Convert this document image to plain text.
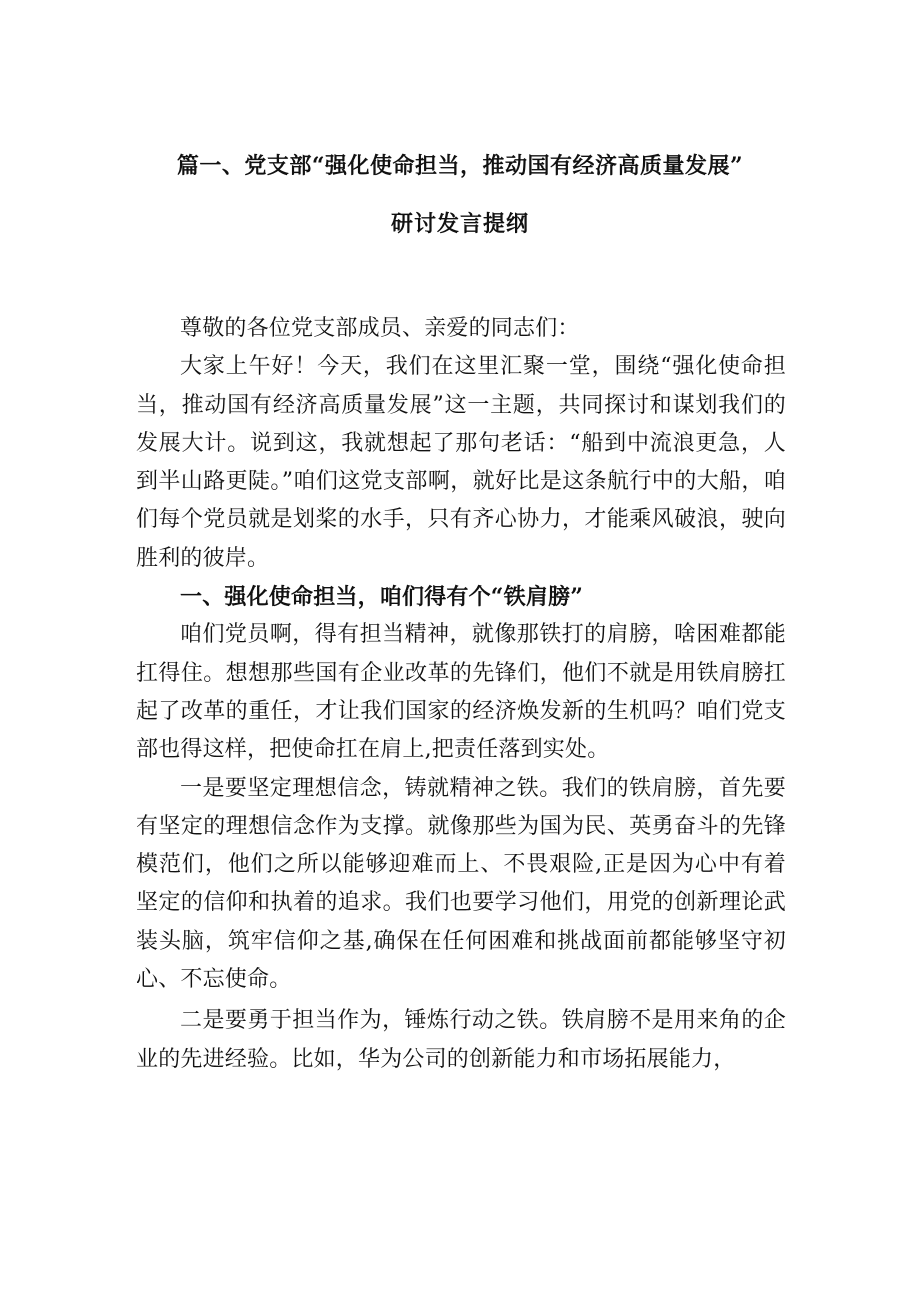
篇一、党支部“强化使命担当，推动国有经济高质量发展”
研讨发言提纲

尊敬的各位党支部成员、亲爱的同志们：

大家上午好！今天，我们在这里汇聚一堂，围绕“强化使命担当，推动国有经济高质量发展”这一主题，共同探讨和谋划我们的发展大计。说到这，我就想起了那句老话：“船到中流浪更急，人到半山路更陡。”咱们这党支部啊，就好比是这条航行中的大船，咱们每个党员就是划桨的水手，只有齐心协力，才能乘风破浪，驶向胜利的彼岸。

一、强化使命担当，咱们得有个“铁肩膀”

咱们党员啊，得有担当精神，就像那铁打的肩膀，啥困难都能扛得住。想想那些国有企业改革的先锋们，他们不就是用铁肩膀扛起了改革的重任，才让我们国家的经济焕发新的生机吗？咱们党支部也得这样，把使命扛在肩上,把责任落到实处。

一是要坚定理想信念，铸就精神之铁。我们的铁肩膀，首先要有坚定的理想信念作为支撑。就像那些为国为民、英勇奋斗的先锋模范们，他们之所以能够迎难而上、不畏艰险,正是因为心中有着坚定的信仰和执着的追求。我们也要学习他们，用党的创新理论武装头脑，筑牢信仰之基,确保在任何困难和挑战面前都能够坚守初心、不忘使命。

二是要勇于担当作为，锤炼行动之铁。铁肩膀不是用来角的企业的先进经验。比如，华为公司的创新能力和市场拓展能力，
